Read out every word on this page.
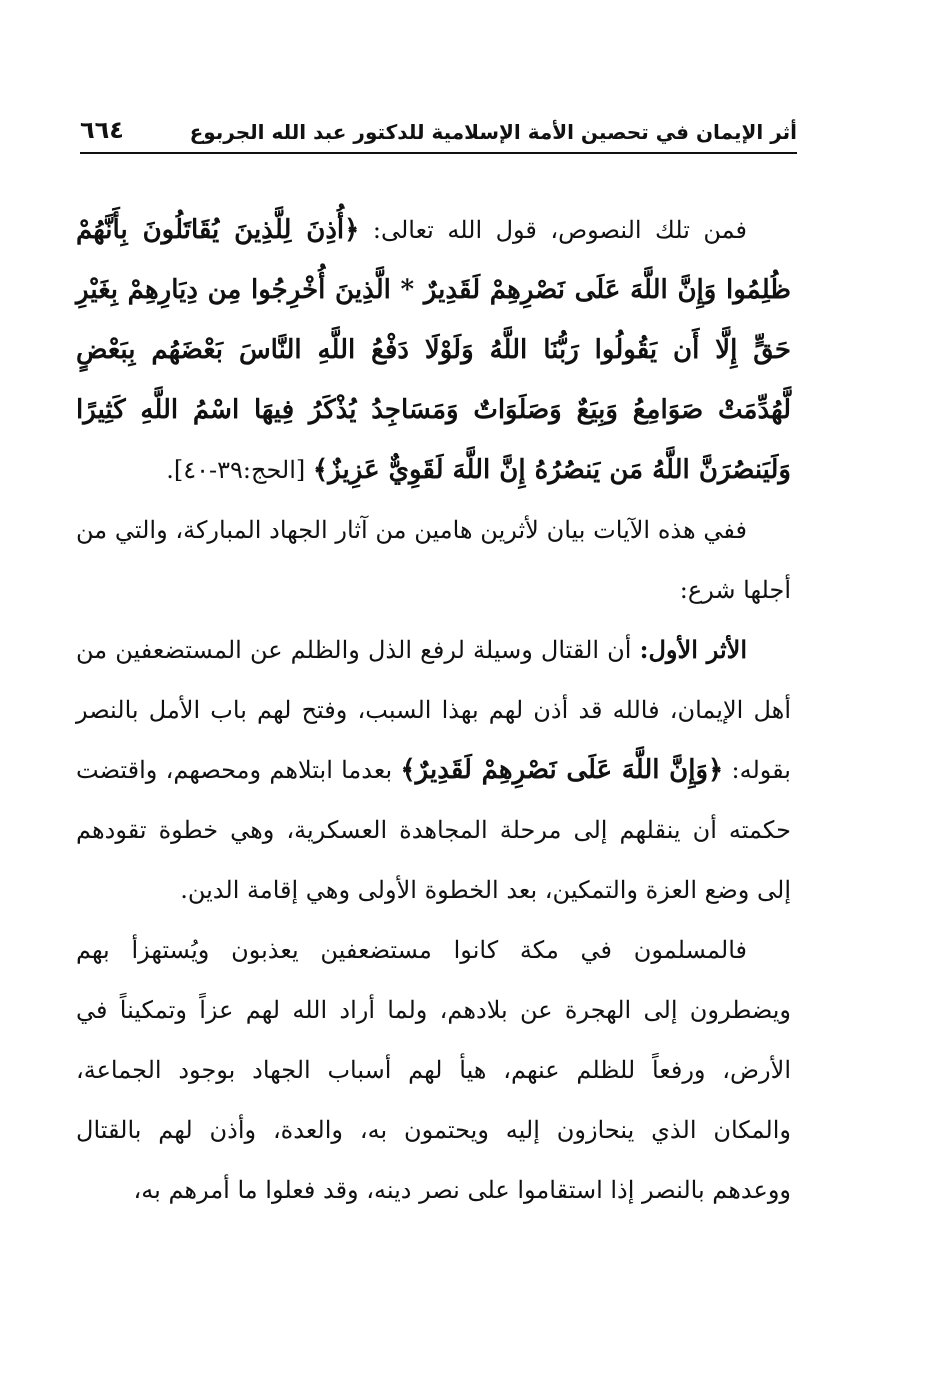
أثر الإيمان في تحصين الأمة الإسلامية للدكتور عبد الله الجربوع
٦٦٤

فمن تلك النصوص، قول الله تعالى: ﴿أُذِنَ لِلَّذِينَ يُقَاتَلُونَ بِأَنَّهُمْ ظُلِمُوا وَإِنَّ اللَّهَ عَلَى نَصْرِهِمْ لَقَدِيرٌ * الَّذِينَ أُخْرِجُوا مِن دِيَارِهِمْ بِغَيْرِ حَقٍّ إِلَّا أَن يَقُولُوا رَبُّنَا اللَّهُ وَلَوْلَا دَفْعُ اللَّهِ النَّاسَ بَعْضَهُم بِبَعْضٍ لَّهُدِّمَتْ صَوَامِعُ وَبِيَعٌ وَصَلَوَاتٌ وَمَسَاجِدُ يُذْكَرُ فِيهَا اسْمُ اللَّهِ كَثِيرًا وَلَيَنصُرَنَّ اللَّهُ مَن يَنصُرُهُ إِنَّ اللَّهَ لَقَوِيٌّ عَزِيزٌ﴾ [الحج:٣٩-٤٠].

ففي هذه الآيات بيان لأثرين هامين من آثار الجهاد المباركة، والتي من أجلها شرع:

الأثر الأول: أن القتال وسيلة لرفع الذل والظلم عن المستضعفين من أهل الإيمان، فالله قد أذن لهم بهذا السبب، وفتح لهم باب الأمل بالنصر بقوله: ﴿وَإِنَّ اللَّهَ عَلَى نَصْرِهِمْ لَقَدِيرٌ﴾ بعدما ابتلاهم ومحصهم، واقتضت حكمته أن ينقلهم إلى مرحلة المجاهدة العسكرية، وهي خطوة تقودهم إلى وضع العزة والتمكين، بعد الخطوة الأولى وهي إقامة الدين.

فالمسلمون في مكة كانوا مستضعفين يعذبون ويُستهزأ بهم ويضطرون إلى الهجرة عن بلادهم، ولما أراد الله لهم عزاً وتمكيناً في الأرض، ورفعاً للظلم عنهم، هيأ لهم أسباب الجهاد بوجود الجماعة، والمكان الذي ينحازون إليه ويحتمون به، والعدة، وأذن لهم بالقتال ووعدهم بالنصر إذا استقاموا على نصر دينه، وقد فعلوا ما أمرهم به،
